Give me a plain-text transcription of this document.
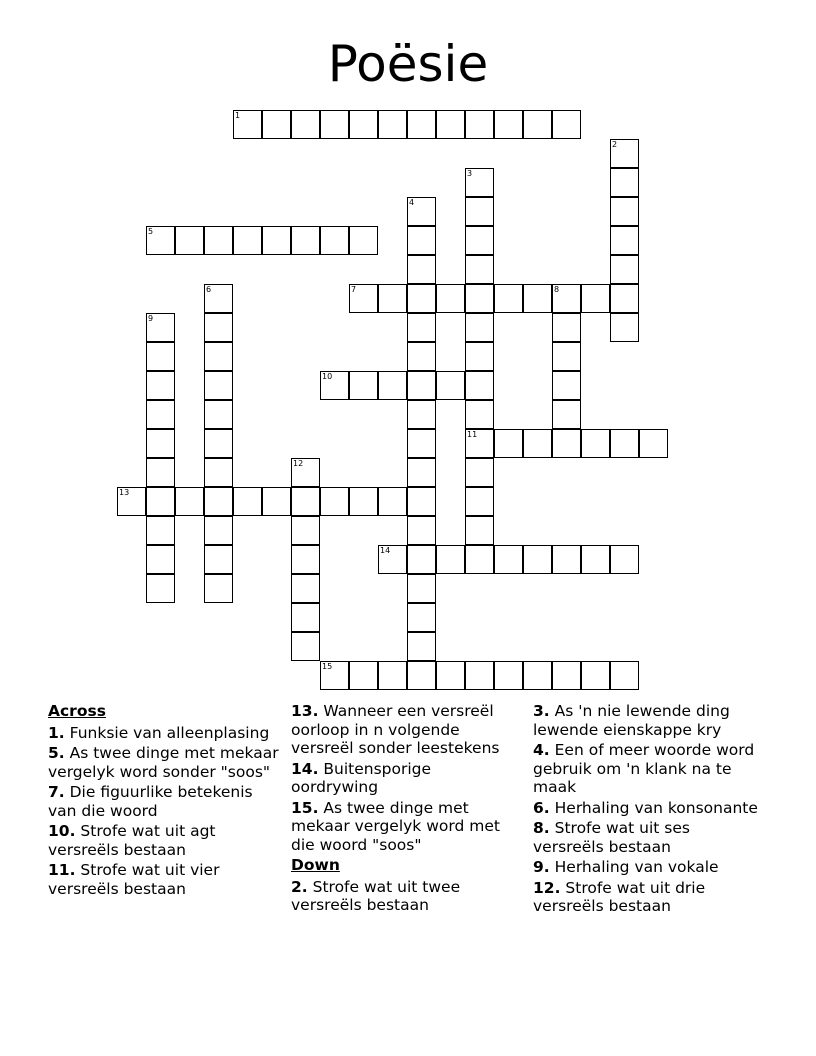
Poësie
1
2
3
11
4
5
6	7	8
9
10
12
13
14
15
Across
1. Funksie van alleenplasing
5. As twee dinge met mekaar vergelyk word sonder "soos"
7. Die figuurlike betekenis van die woord
10. Strofe wat uit agt versreëls bestaan
11. Strofe wat uit vier versreëls bestaan
13. Wanneer een versreël oorloop in n volgende versreël sonder leestekens
14. Buitensporige oordrywing
15. As twee dinge met mekaar vergelyk word met die woord "soos"
Down
2. Strofe wat uit twee versreëls bestaan
3. As 'n nie lewende ding lewende eienskappe kry
4. Een of meer woorde word gebruik om 'n klank na te maak
6. Herhaling van konsonante
8. Strofe wat uit ses versreëls bestaan
9. Herhaling van vokale
12. Strofe wat uit drie versreëls bestaan
